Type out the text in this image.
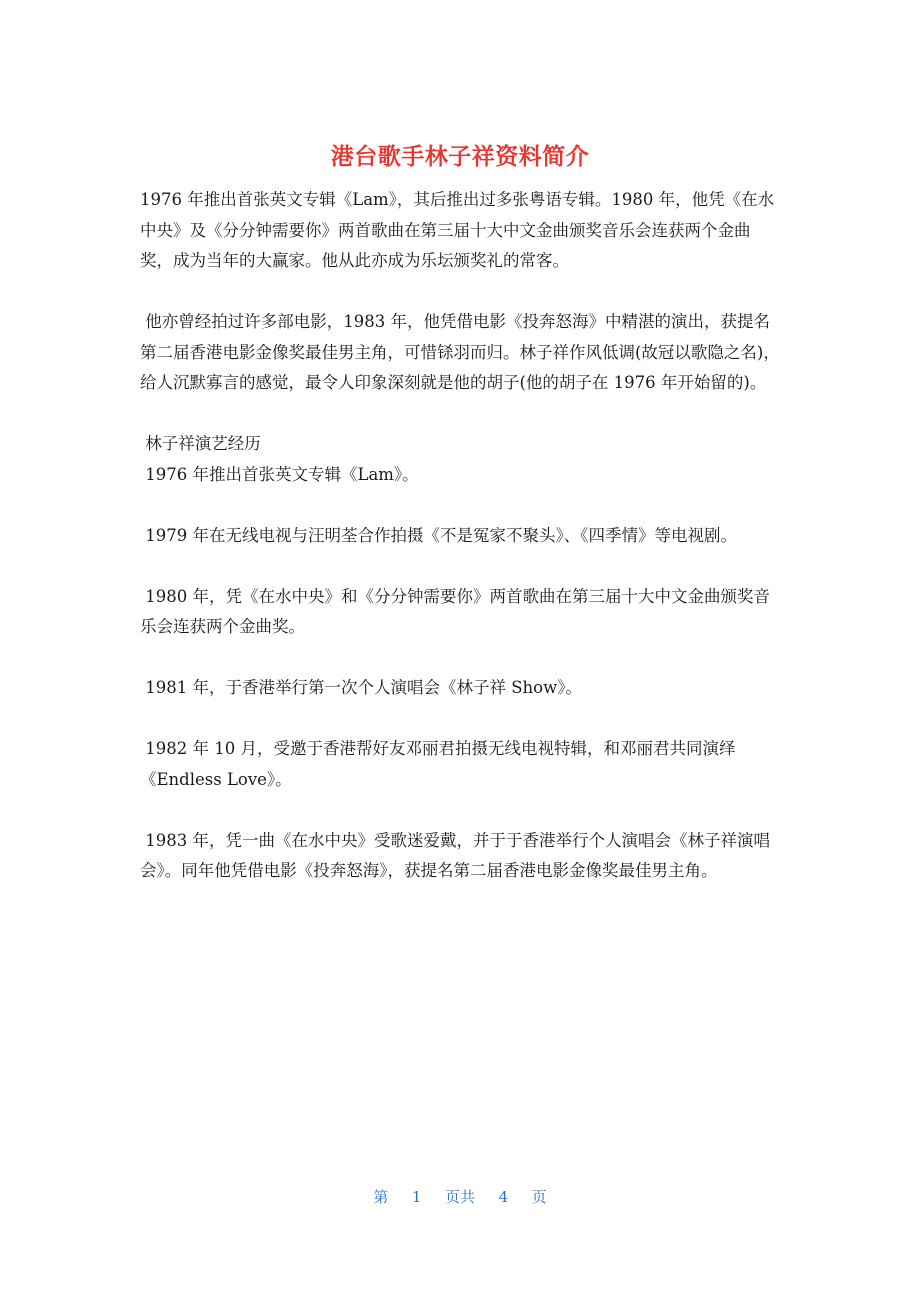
港台歌手林子祥资料简介

1976 年推出首张英文专辑《Lam》，其后推出过多张粤语专辑。1980 年，他凭《在水中央》及《分分钟需要你》两首歌曲在第三届十大中文金曲颁奖音乐会连获两个金曲奖，成为当年的大赢家。他从此亦成为乐坛颁奖礼的常客。

他亦曾经拍过许多部电影，1983 年，他凭借电影《投奔怒海》中精湛的演出，获提名第二届香港电影金像奖最佳男主角，可惜铩羽而归。林子祥作风低调(故冠以歌隐之名)，给人沉默寡言的感觉，最令人印象深刻就是他的胡子(他的胡子在 1976 年开始留的)。

林子祥演艺经历

1976 年推出首张英文专辑《Lam》。

1979 年在无线电视与汪明荃合作拍摄《不是冤家不聚头》、《四季情》等电视剧。

1980 年，凭《在水中央》和《分分钟需要你》两首歌曲在第三届十大中文金曲颁奖音乐会连获两个金曲奖。

1981 年，于香港举行第一次个人演唱会《林子祥 Show》。

1982 年 10 月，受邀于香港帮好友邓丽君拍摄无线电视特辑，和邓丽君共同演绎 《Endless Love》。

1983 年，凭一曲《在水中央》受歌迷爱戴，并于于香港举行个人演唱会《林子祥演唱会》。同年他凭借电影《投奔怒海》，获提名第二届香港电影金像奖最佳男主角。

第 1 页共 4 页
